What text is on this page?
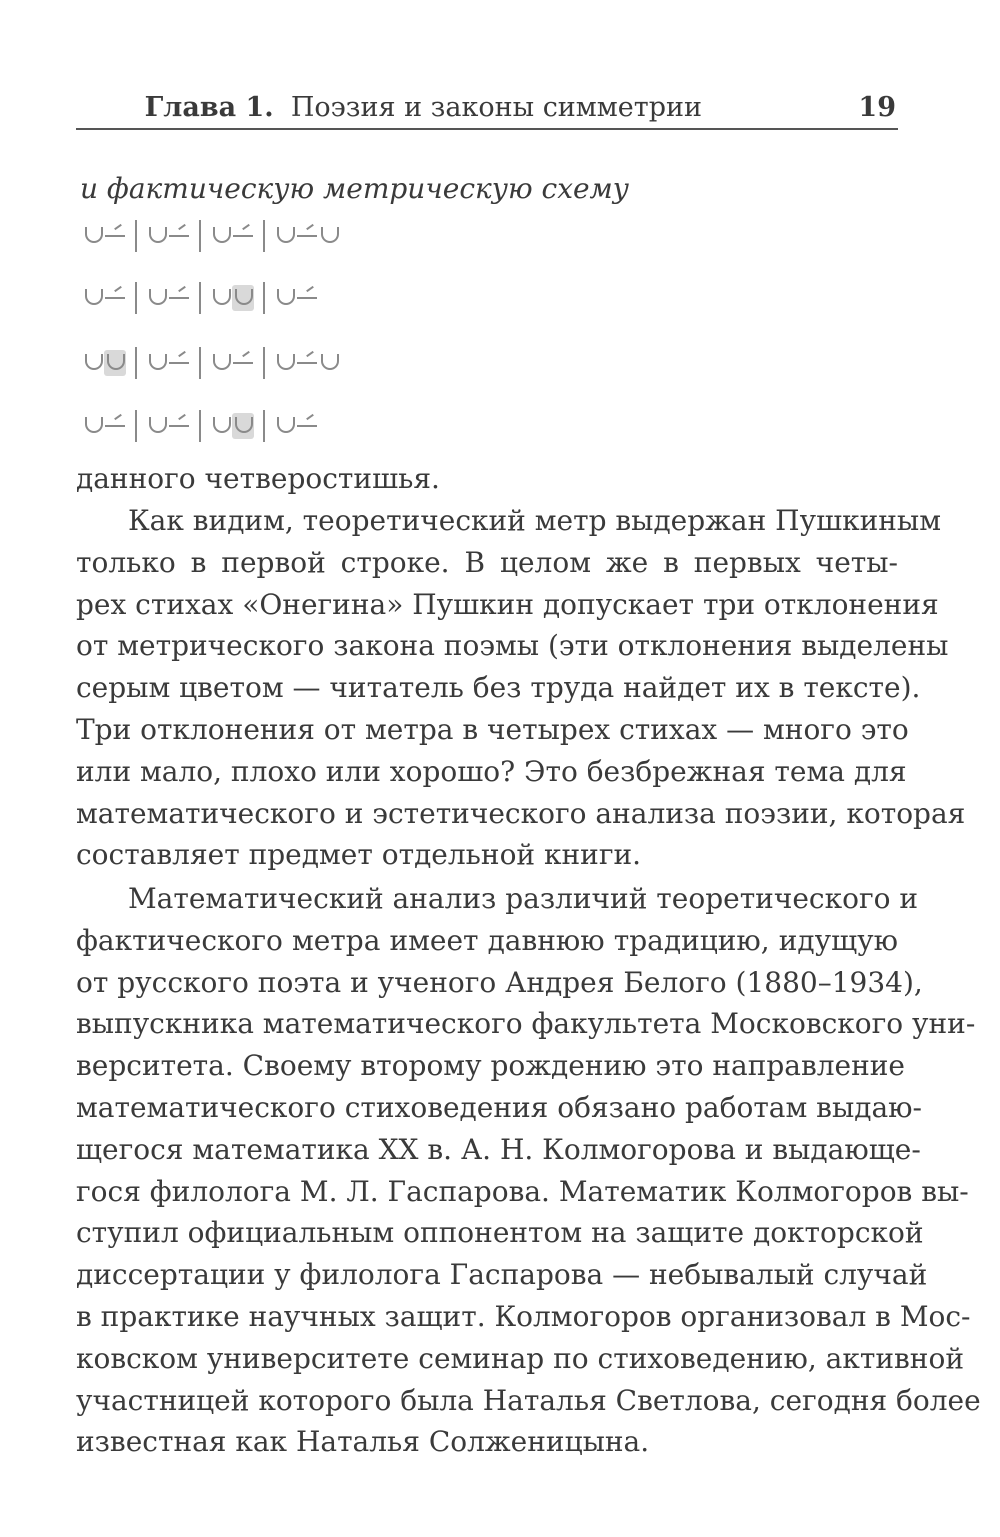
Глава 1. Поэзия и законы симметрии	19
и фактическую метрическую схему
данного четверостишья.
Как видим, теоретический метр выдержан Пушкиным
только в первой строке. В целом же в первых четы-
рех стихах «Онегина» Пушкин допускает три отклонения
от метрического закона поэмы (эти отклонения выделены
серым цветом — читатель без труда найдет их в тексте).
Три отклонения от метра в четырех стихах — много это
или мало, плохо или хорошо? Это безбрежная тема для
математического и эстетического анализа поэзии, которая
составляет предмет отдельной книги.
Математический анализ различий теоретического и
фактического метра имеет давнюю традицию, идущую
от русского поэта и ученого Андрея Белого (1880–1934),
выпускника математического факультета Московского уни-
верситета. Своему второму рождению это направление
математического стиховедения обязано работам выдаю-
щегося математика XX в. А. Н. Колмогорова и выдающе-
гося филолога М. Л. Гаспарова. Математик Колмогоров вы-
ступил официальным оппонентом на защите докторской
диссертации у филолога Гаспарова — небывалый случай
в практике научных защит. Колмогоров организовал в Мос-
ковском университете семинар по стиховедению, активной
участницей которого была Наталья Светлова, сегодня более
известная как Наталья Солженицына.
